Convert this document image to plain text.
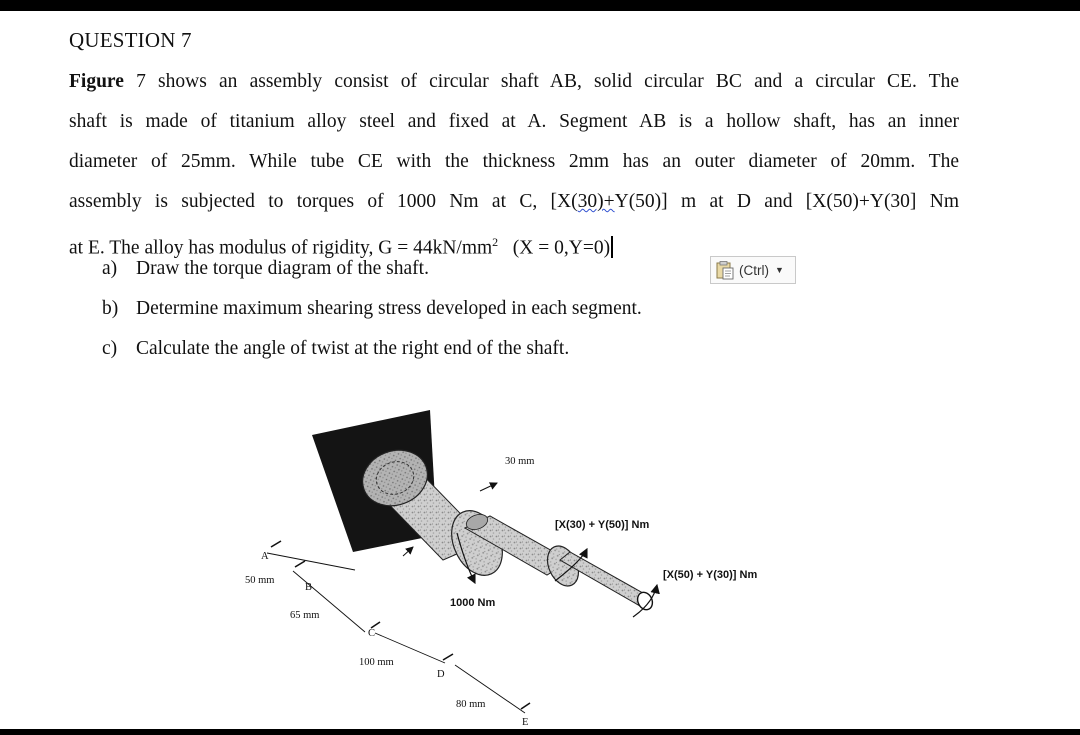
QUESTION 7
Figure 7 shows an assembly consist of circular shaft AB, solid circular BC and a circular CE. The
shaft is made of titanium alloy steel and fixed at A. Segment AB is a hollow shaft, has an inner
diameter of 25mm. While tube CE with the thickness 2mm has an outer diameter of 20mm. The
assembly is subjected to torques of 1000 Nm at C, [X(30)+Y(50)] m at D and [X(50)+Y(30] Nm
at E. The alloy has modulus of rigidity, $G = 44kN/mm^2$   (X = 0,Y=0)
a) Draw the torque diagram of the shaft.
b) Determine maximum shearing stress developed in each segment.
c) Calculate the angle of twist at the right end of the shaft.
(Ctrl) ▼
A
B
C
D
E
50 mm
65 mm
100 mm
80 mm
30 mm
1000 Nm
[X(30) + Y(50)] Nm
[X(50) + Y(30)] Nm
